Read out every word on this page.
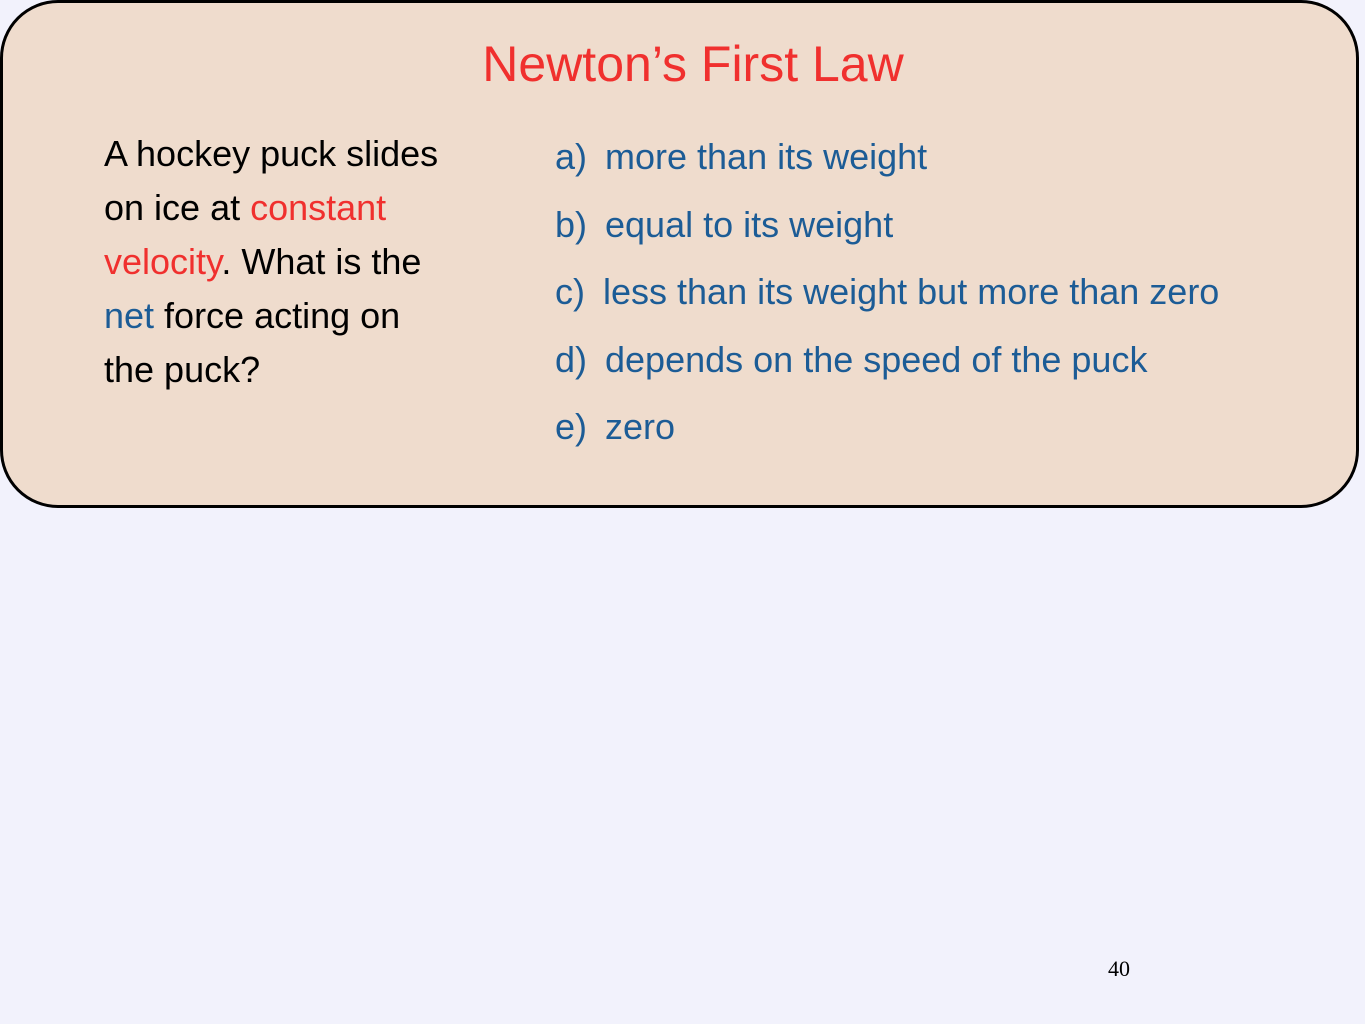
Newton’s First Law

A hockey puck slides on ice at constant velocity. What is the net force acting on the puck?

a) more than its weight
b) equal to its weight
c) less than its weight but more than zero
d) depends on the speed of the puck
e) zero
40
